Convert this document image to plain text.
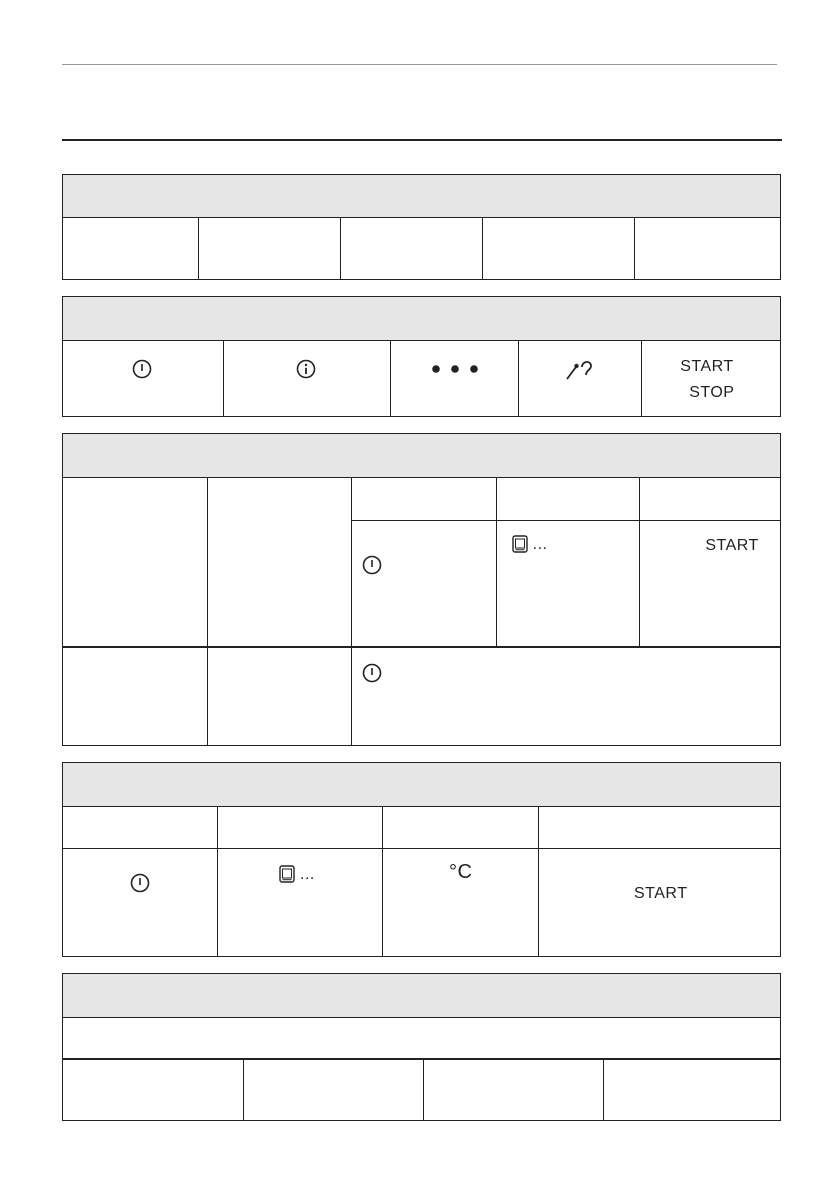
START
STOP
...	START
...	°C
START
